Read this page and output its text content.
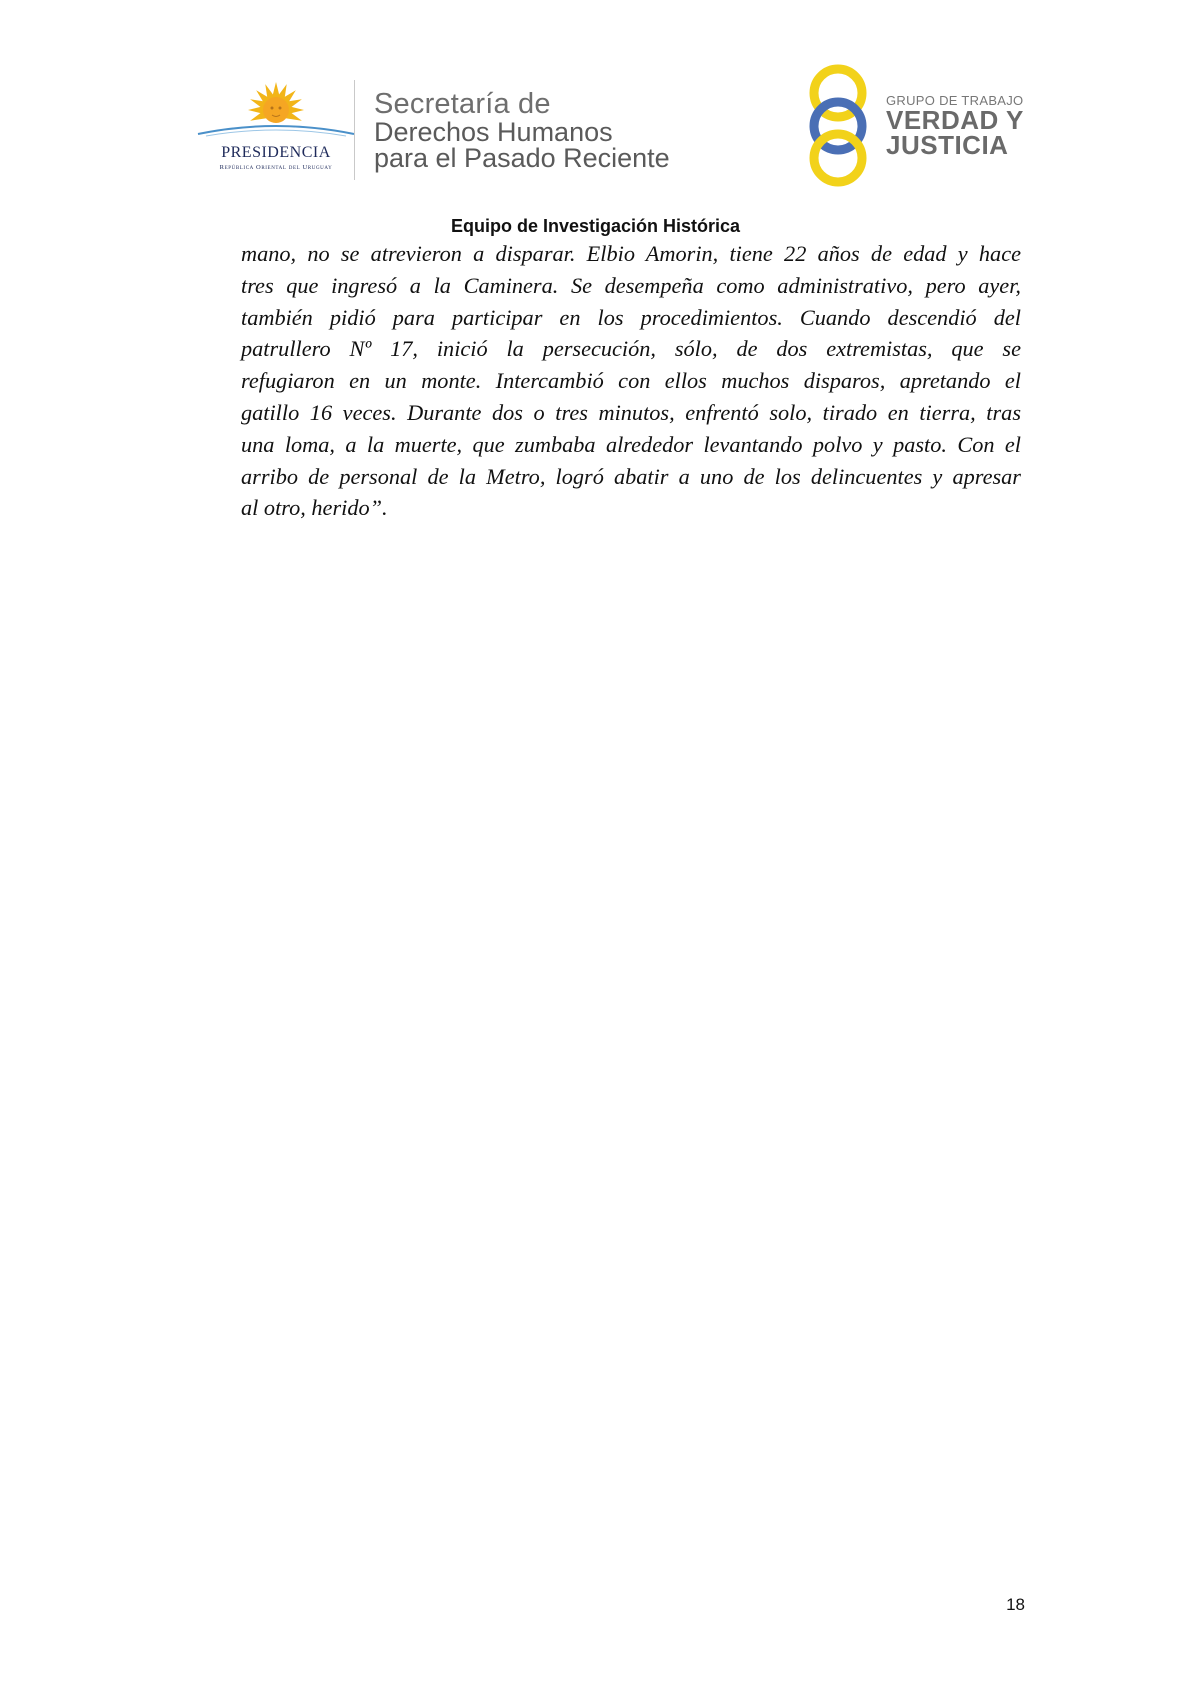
PRESIDENCIA
República Oriental del Uruguay
Secretaría de
Derechos Humanos
para el Pasado Reciente
GRUPO DE TRABAJO
VERDAD Y
JUSTICIA
Equipo de Investigación Histórica
mano, no se atrevieron a disparar. Elbio Amorin, tiene 22 años de edad y hace
tres que ingresó a la Caminera. Se desempeña como administrativo, pero ayer,
también pidió para participar en los procedimientos. Cuando descendió del
patrullero Nº 17, inició la persecución, sólo, de dos extremistas, que se
refugiaron en un monte. Intercambió con ellos muchos disparos, apretando el
gatillo 16 veces. Durante dos o tres minutos, enfrentó solo, tirado en tierra, tras
una loma, a la muerte, que zumbaba alrededor levantando polvo y pasto. Con el
arribo de personal de la Metro, logró abatir a uno de los delincuentes y apresar
al otro, herido”.
18
